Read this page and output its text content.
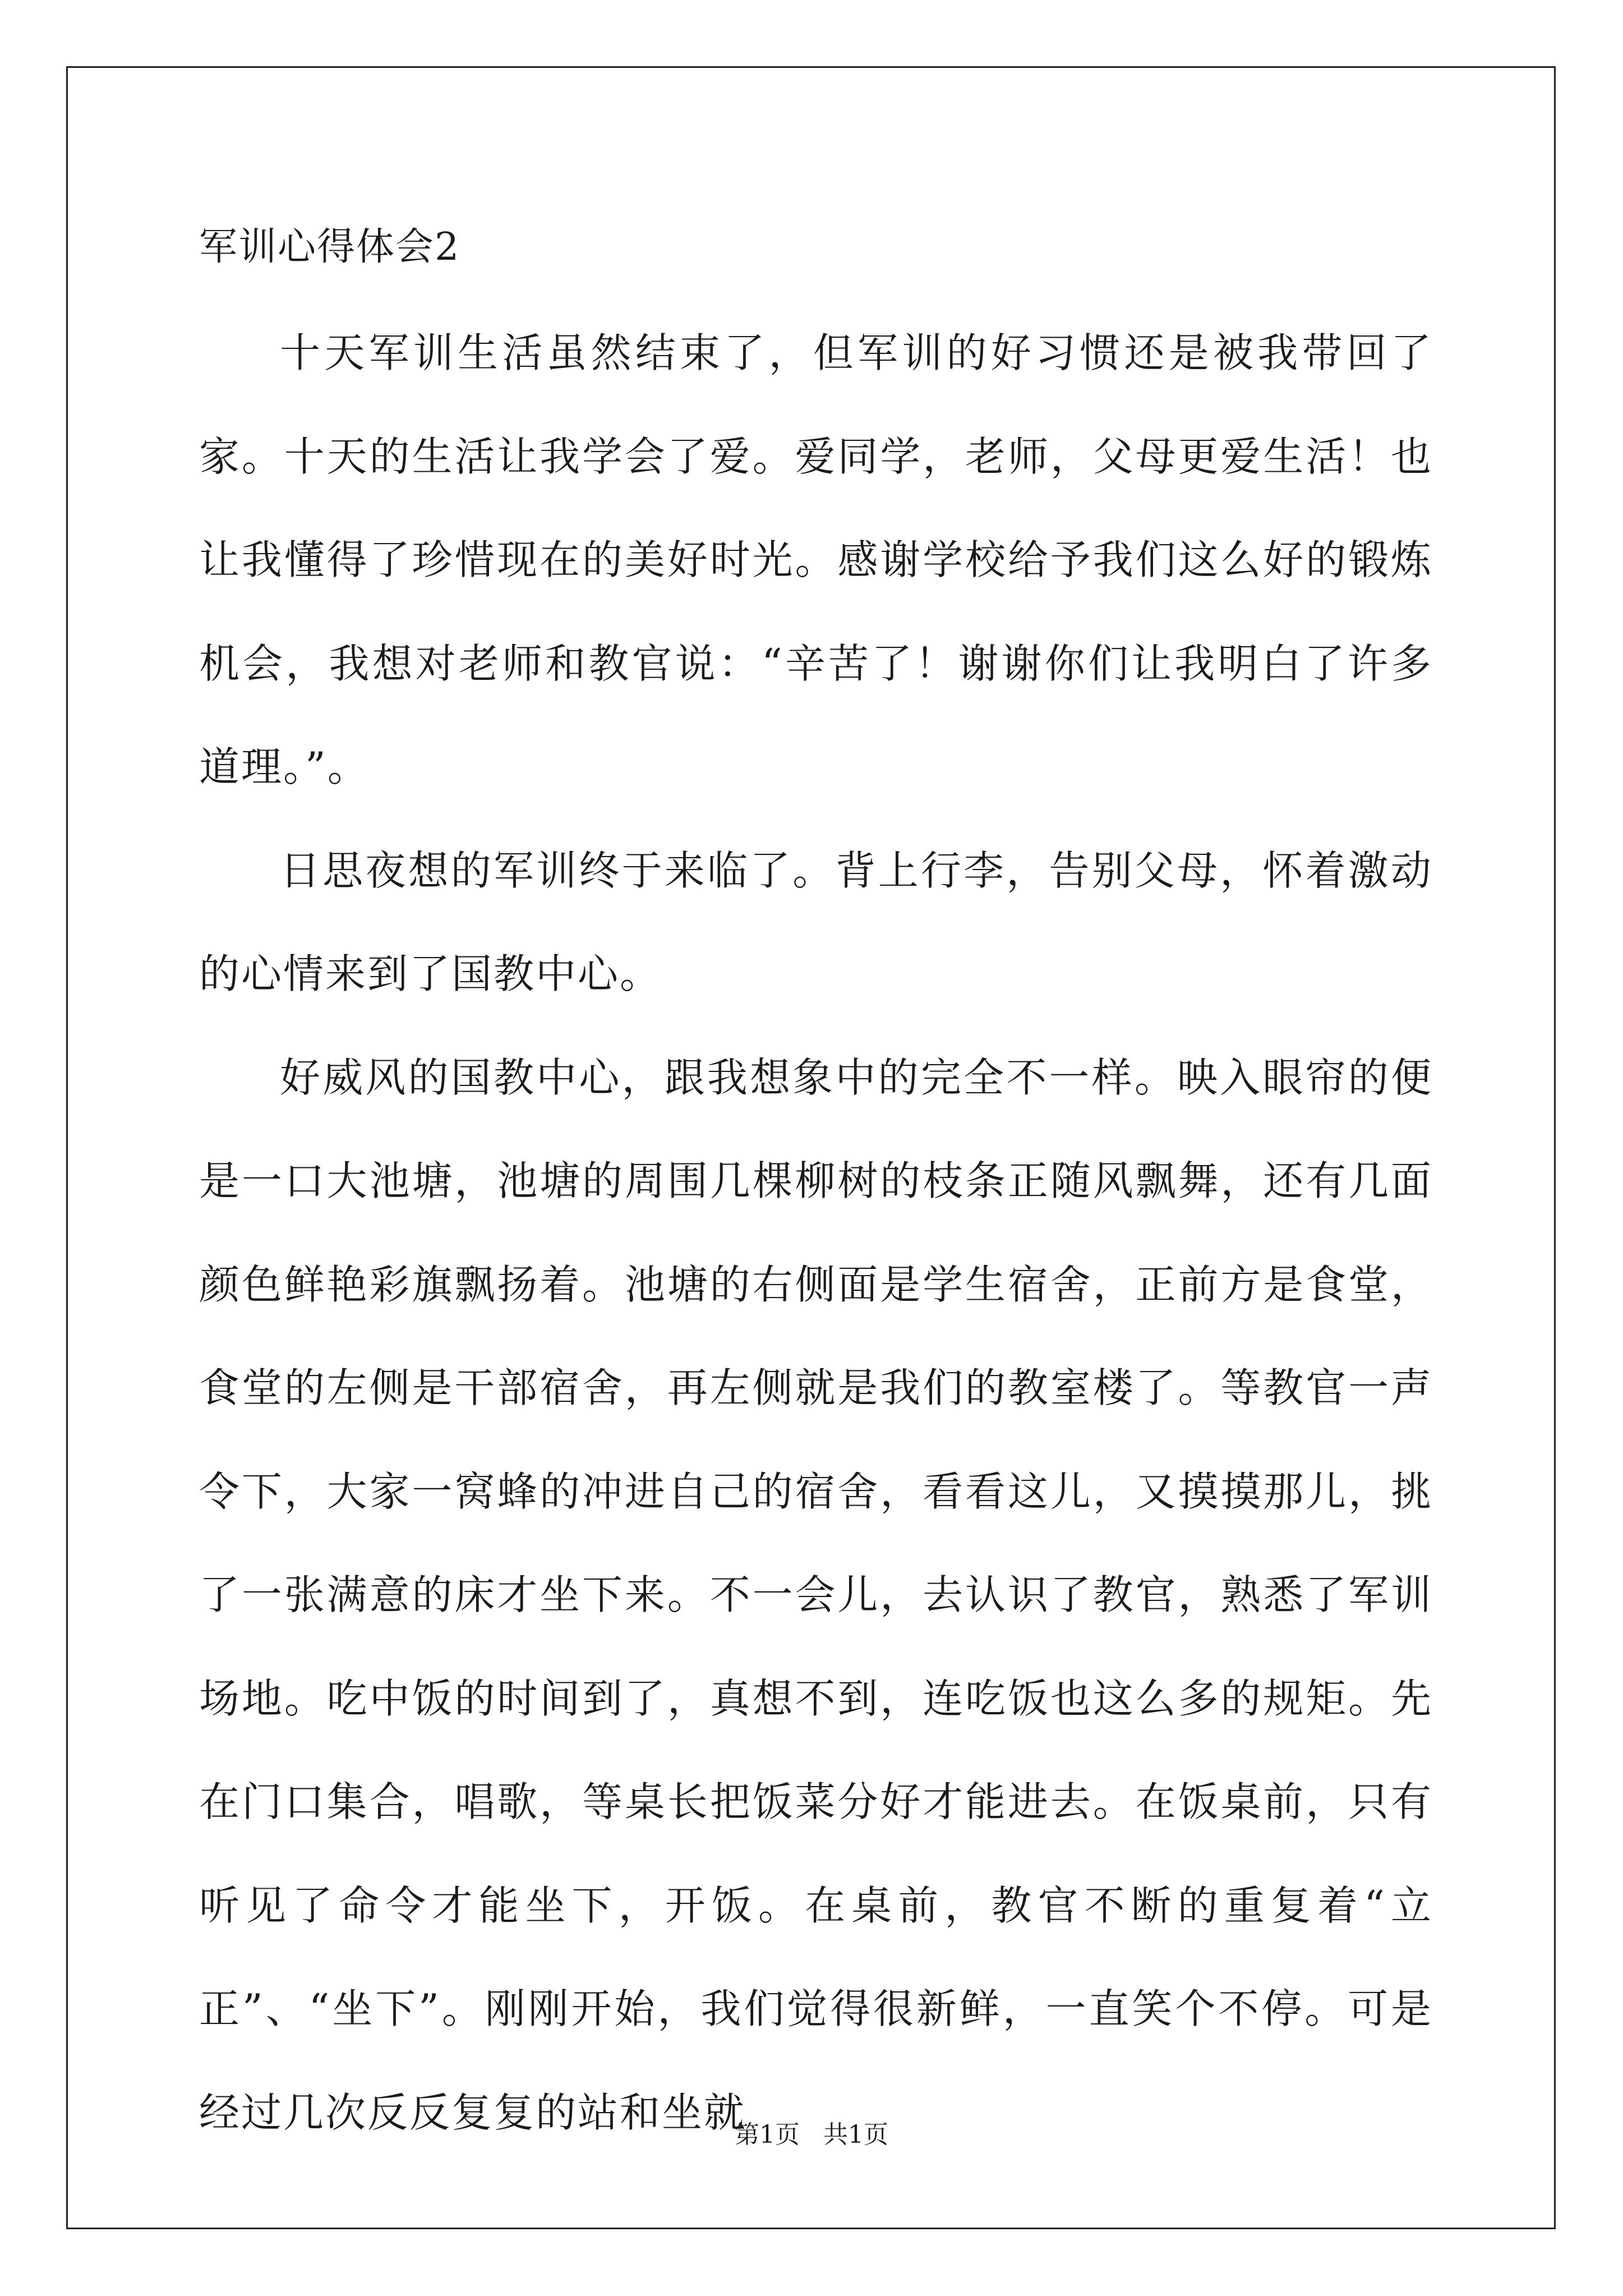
军训心得体会2

十天军训生活虽然结束了，但军训的好习惯还是被我带回了家。十天的生活让我学会了爱。爱同学，老师，父母更爱生活！也让我懂得了珍惜现在的美好时光。感谢学校给予我们这么好的锻炼机会，我想对老师和教官说：“辛苦了！谢谢你们让我明白了许多道理。”。

日思夜想的军训终于来临了。背上行李，告别父母，怀着激动的心情来到了国教中心。

好威风的国教中心，跟我想象中的完全不一样。映入眼帘的便是一口大池塘，池塘的周围几棵柳树的枝条正随风飘舞，还有几面颜色鲜艳彩旗飘扬着。池塘的右侧面是学生宿舍，正前方是食堂，食堂的左侧是干部宿舍，再左侧就是我们的教室楼了。等教官一声令下，大家一窝蜂的冲进自己的宿舍，看看这儿，又摸摸那儿，挑了一张满意的床才坐下来。不一会儿，去认识了教官，熟悉了军训场地。吃中饭的时间到了，真想不到，连吃饭也这么多的规矩。先在门口集合，唱歌，等桌长把饭菜分好才能进去。在饭桌前，只有听见了命令才能坐下，开饭。在桌前，教官不断的重复着“立正”、“坐下”。刚刚开始，我们觉得很新鲜，一直笑个不停。可是经过几次反反复复的站和坐就

第1页   共1页
